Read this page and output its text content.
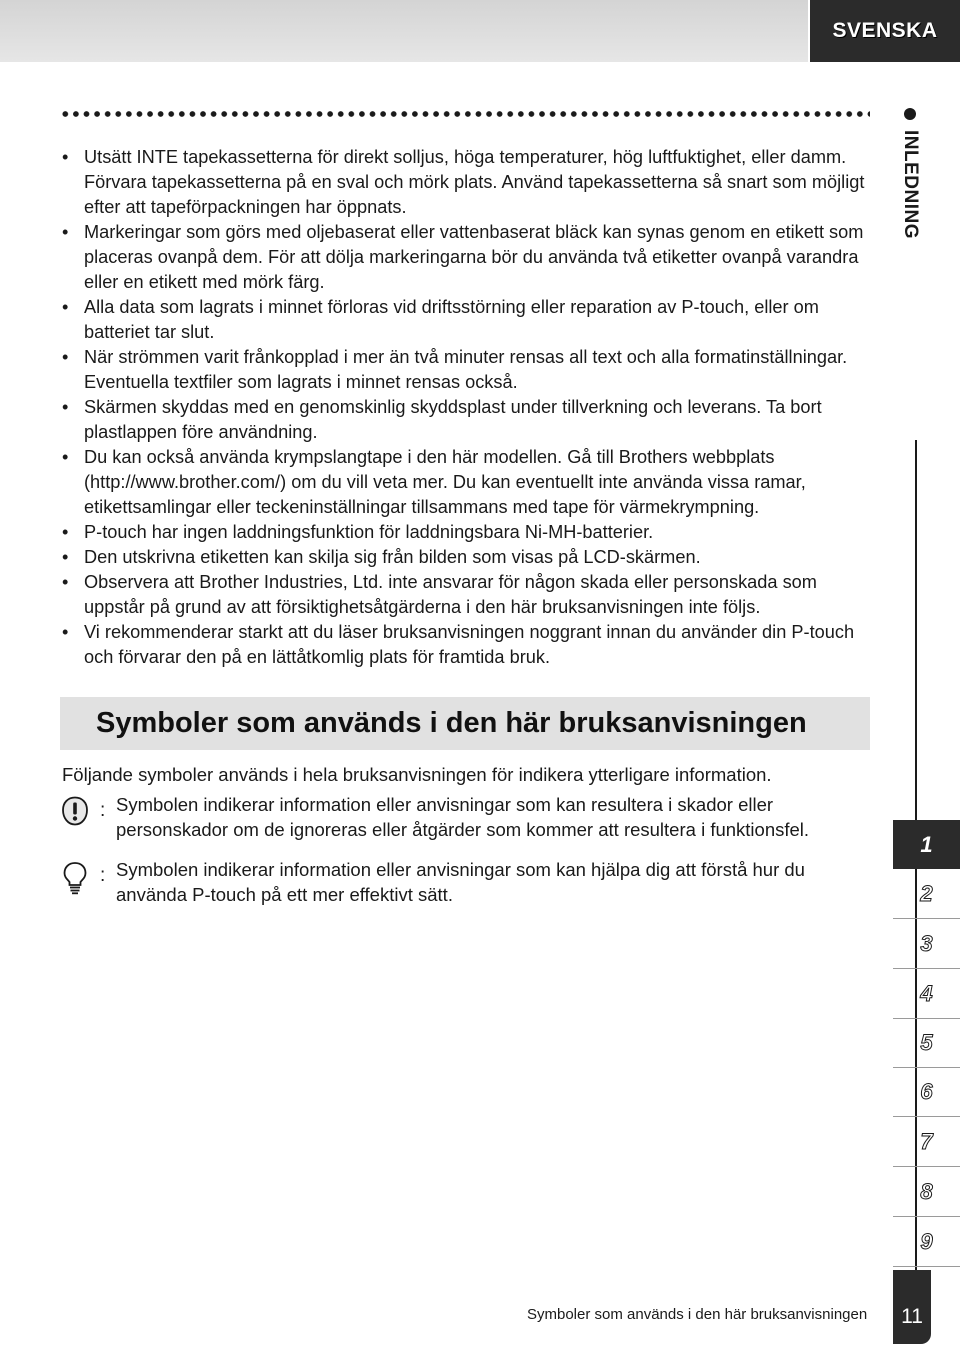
SVENSKA
INLEDNING
• Utsätt INTE tapekassetterna för direkt solljus, höga temperaturer, hög luftfuktighet, eller damm. Förvara tapekassetterna på en sval och mörk plats. Använd tapekassetterna så snart som möjligt efter att tapeförpackningen har öppnats.
• Markeringar som görs med oljebaserat eller vattenbaserat bläck kan synas genom en etikett som placeras ovanpå dem. För att dölja markeringarna bör du använda två etiketter ovanpå varandra eller en etikett med mörk färg.
• Alla data som lagrats i minnet förloras vid driftsstörning eller reparation av P-touch, eller om batteriet tar slut.
• När strömmen varit frånkopplad i mer än två minuter rensas all text och alla formatinställningar. Eventuella textfiler som lagrats i minnet rensas också.
• Skärmen skyddas med en genomskinlig skyddsplast under tillverkning och leverans. Ta bort plastlappen före användning.
• Du kan också använda krympslangtape i den här modellen. Gå till Brothers webbplats (http://www.brother.com/) om du vill veta mer. Du kan eventuellt inte använda vissa ramar, etikettsamlingar eller teckeninställningar tillsammans med tape för värmekrympning.
• P-touch har ingen laddningsfunktion för laddningsbara Ni-MH-batterier.
• Den utskrivna etiketten kan skilja sig från bilden som visas på LCD-skärmen.
• Observera att Brother Industries, Ltd. inte ansvarar för någon skada eller personskada som uppstår på grund av att försiktighetsåtgärderna i den här bruksanvisningen inte följs.
• Vi rekommenderar starkt att du läser bruksanvisningen noggrant innan du använder din P-touch och förvarar den på en lättåtkomlig plats för framtida bruk.
Symboler som används i den här bruksanvisningen
Följande symboler används i hela bruksanvisningen för indikera ytterligare information.
: Symbolen indikerar information eller anvisningar som kan resultera i skador eller personskador om de ignoreras eller åtgärder som kommer att resultera i funktionsfel.
: Symbolen indikerar information eller anvisningar som kan hjälpa dig att förstå hur du använda P-touch på ett mer effektivt sätt.
1
2
3
4
5
6
7
8
9
Symboler som används i den här bruksanvisningen 11
